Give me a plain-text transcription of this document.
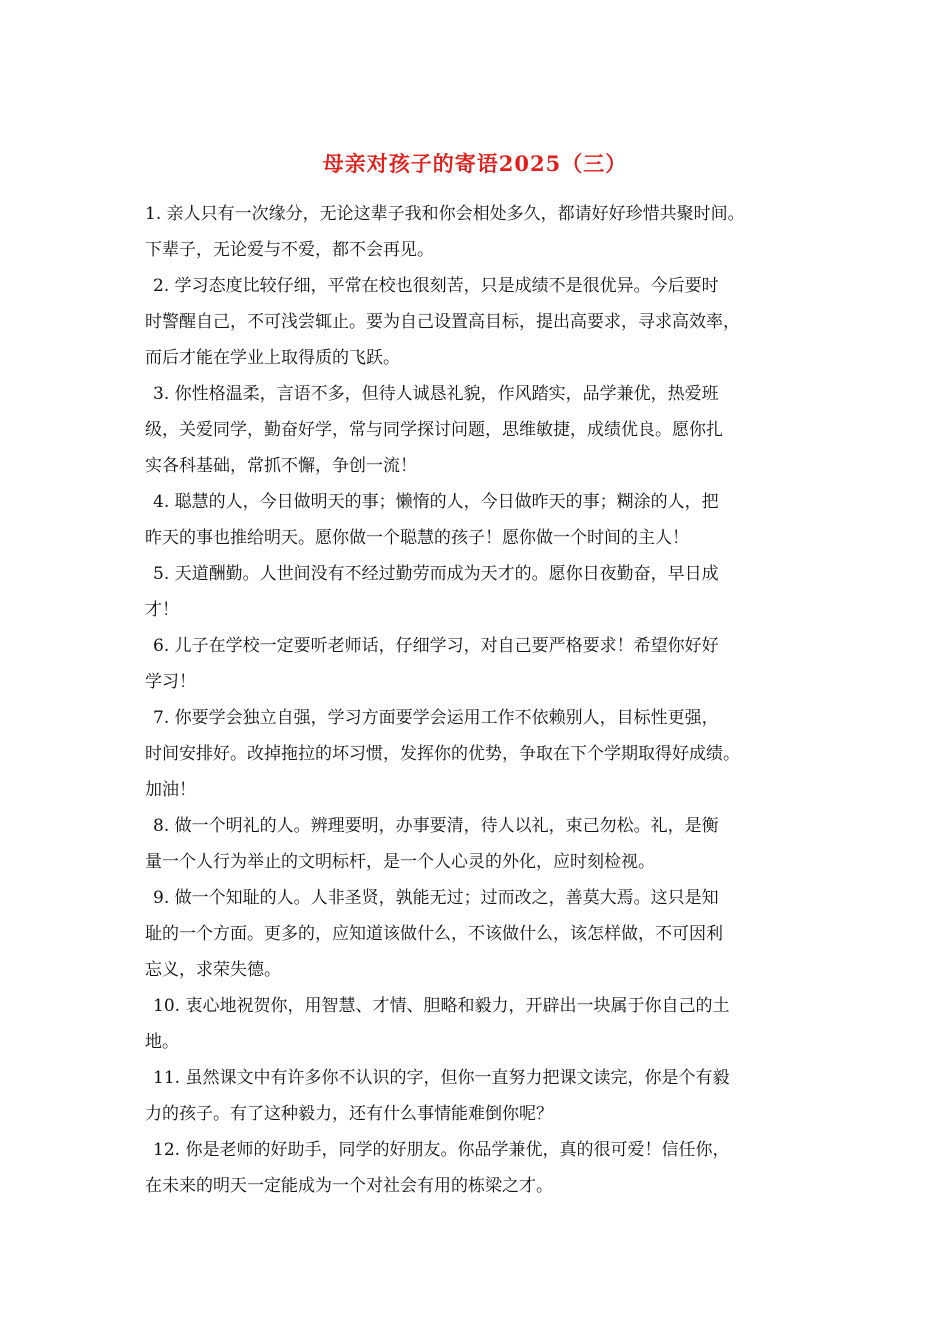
母亲对孩子的寄语2025（三）
1. 亲人只有一次缘分，无论这辈子我和你会相处多久，都请好好珍惜共聚时间。
下辈子，无论爱与不爱，都不会再见。
2. 学习态度比较仔细，平常在校也很刻苦，只是成绩不是很优异。今后要时
时警醒自己，不可浅尝辄止。要为自己设置高目标，提出高要求，寻求高效率，
而后才能在学业上取得质的飞跃。
3. 你性格温柔，言语不多，但待人诚恳礼貌，作风踏实，品学兼优，热爱班
级，关爱同学，勤奋好学，常与同学探讨问题，思维敏捷，成绩优良。愿你扎
实各科基础，常抓不懈，争创一流！
4. 聪慧的人，今日做明天的事；懒惰的人，今日做昨天的事；糊涂的人，把
昨天的事也推给明天。愿你做一个聪慧的孩子！愿你做一个时间的主人！
5. 天道酬勤。人世间没有不经过勤劳而成为天才的。愿你日夜勤奋，早日成
才！
6. 儿子在学校一定要听老师话，仔细学习，对自己要严格要求！希望你好好
学习！
7. 你要学会独立自强，学习方面要学会运用工作不依赖别人，目标性更强，
时间安排好。改掉拖拉的坏习惯，发挥你的优势，争取在下个学期取得好成绩。
加油！
8. 做一个明礼的人。辨理要明，办事要清，待人以礼，束己勿松。礼，是衡
量一个人行为举止的文明标杆，是一个人心灵的外化，应时刻检视。
9. 做一个知耻的人。人非圣贤，孰能无过；过而改之，善莫大焉。这只是知
耻的一个方面。更多的，应知道该做什么，不该做什么，该怎样做，不可因利
忘义，求荣失德。
10. 衷心地祝贺你，用智慧、才情、胆略和毅力，开辟出一块属于你自己的土
地。
11. 虽然课文中有许多你不认识的字，但你一直努力把课文读完，你是个有毅
力的孩子。有了这种毅力，还有什么事情能难倒你呢？
12. 你是老师的好助手，同学的好朋友。你品学兼优，真的很可爱！信任你，
在未来的明天一定能成为一个对社会有用的栋梁之才。
